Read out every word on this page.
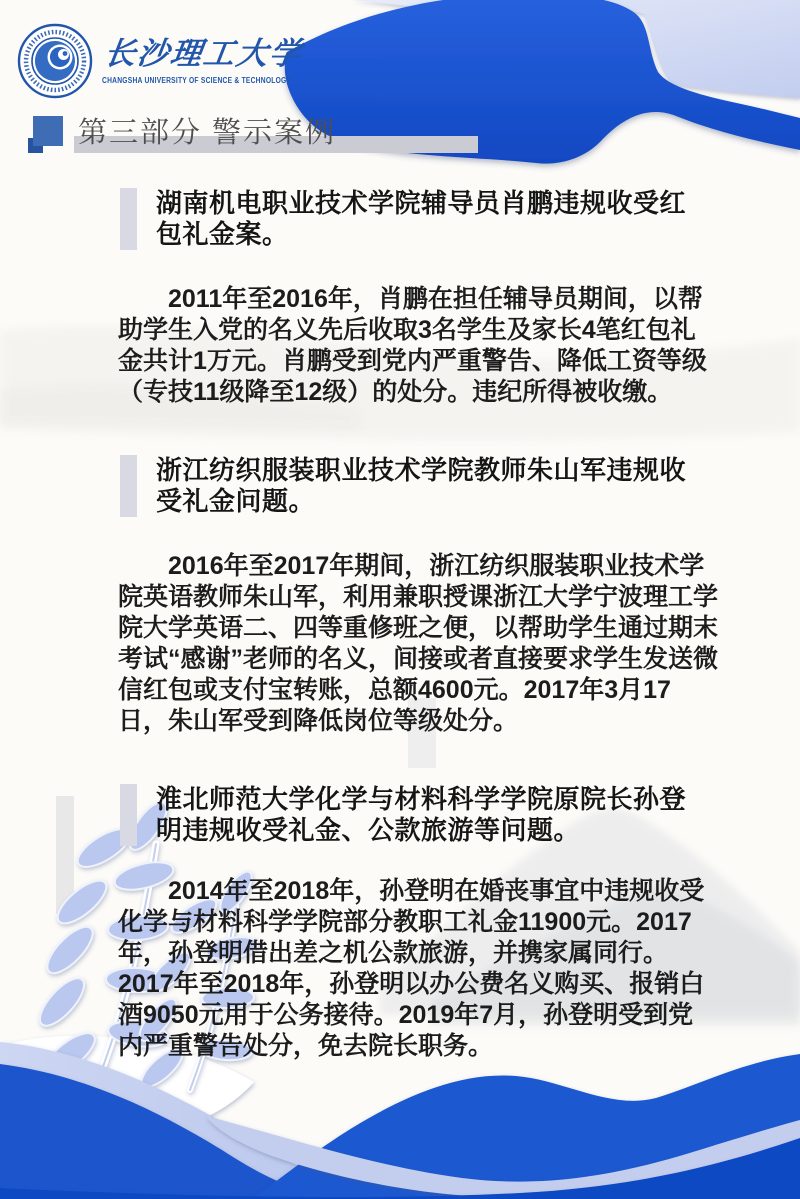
长沙理工大学
CHANGSHA UNIVERSITY OF SCIENCE & TECHNOLOGY
第三部分 警示案例
湖南机电职业技术学院辅导员肖鹏违规收受红包礼金案。

2011年至2016年，肖鹏在担任辅导员期间，以帮助学生入党的名义先后收取3名学生及家长4笔红包礼金共计1万元。肖鹏受到党内严重警告、降低工资等级（专技11级降至12级）的处分。违纪所得被收缴。

浙江纺织服装职业技术学院教师朱山军违规收受礼金问题。

2016年至2017年期间，浙江纺织服装职业技术学院英语教师朱山军，利用兼职授课浙江大学宁波理工学院大学英语二、四等重修班之便，以帮助学生通过期末考试“感谢”老师的名义，间接或者直接要求学生发送微信红包或支付宝转账，总额4600元。2017年3月17日，朱山军受到降低岗位等级处分。

淮北师范大学化学与材料科学学院原院长孙登明违规收受礼金、公款旅游等问题。

2014年至2018年，孙登明在婚丧事宜中违规收受化学与材料科学学院部分教职工礼金11900元。2017年，孙登明借出差之机公款旅游，并携家属同行。2017年至2018年，孙登明以办公费名义购买、报销白酒9050元用于公务接待。2019年7月，孙登明受到党内严重警告处分，免去院长职务。
